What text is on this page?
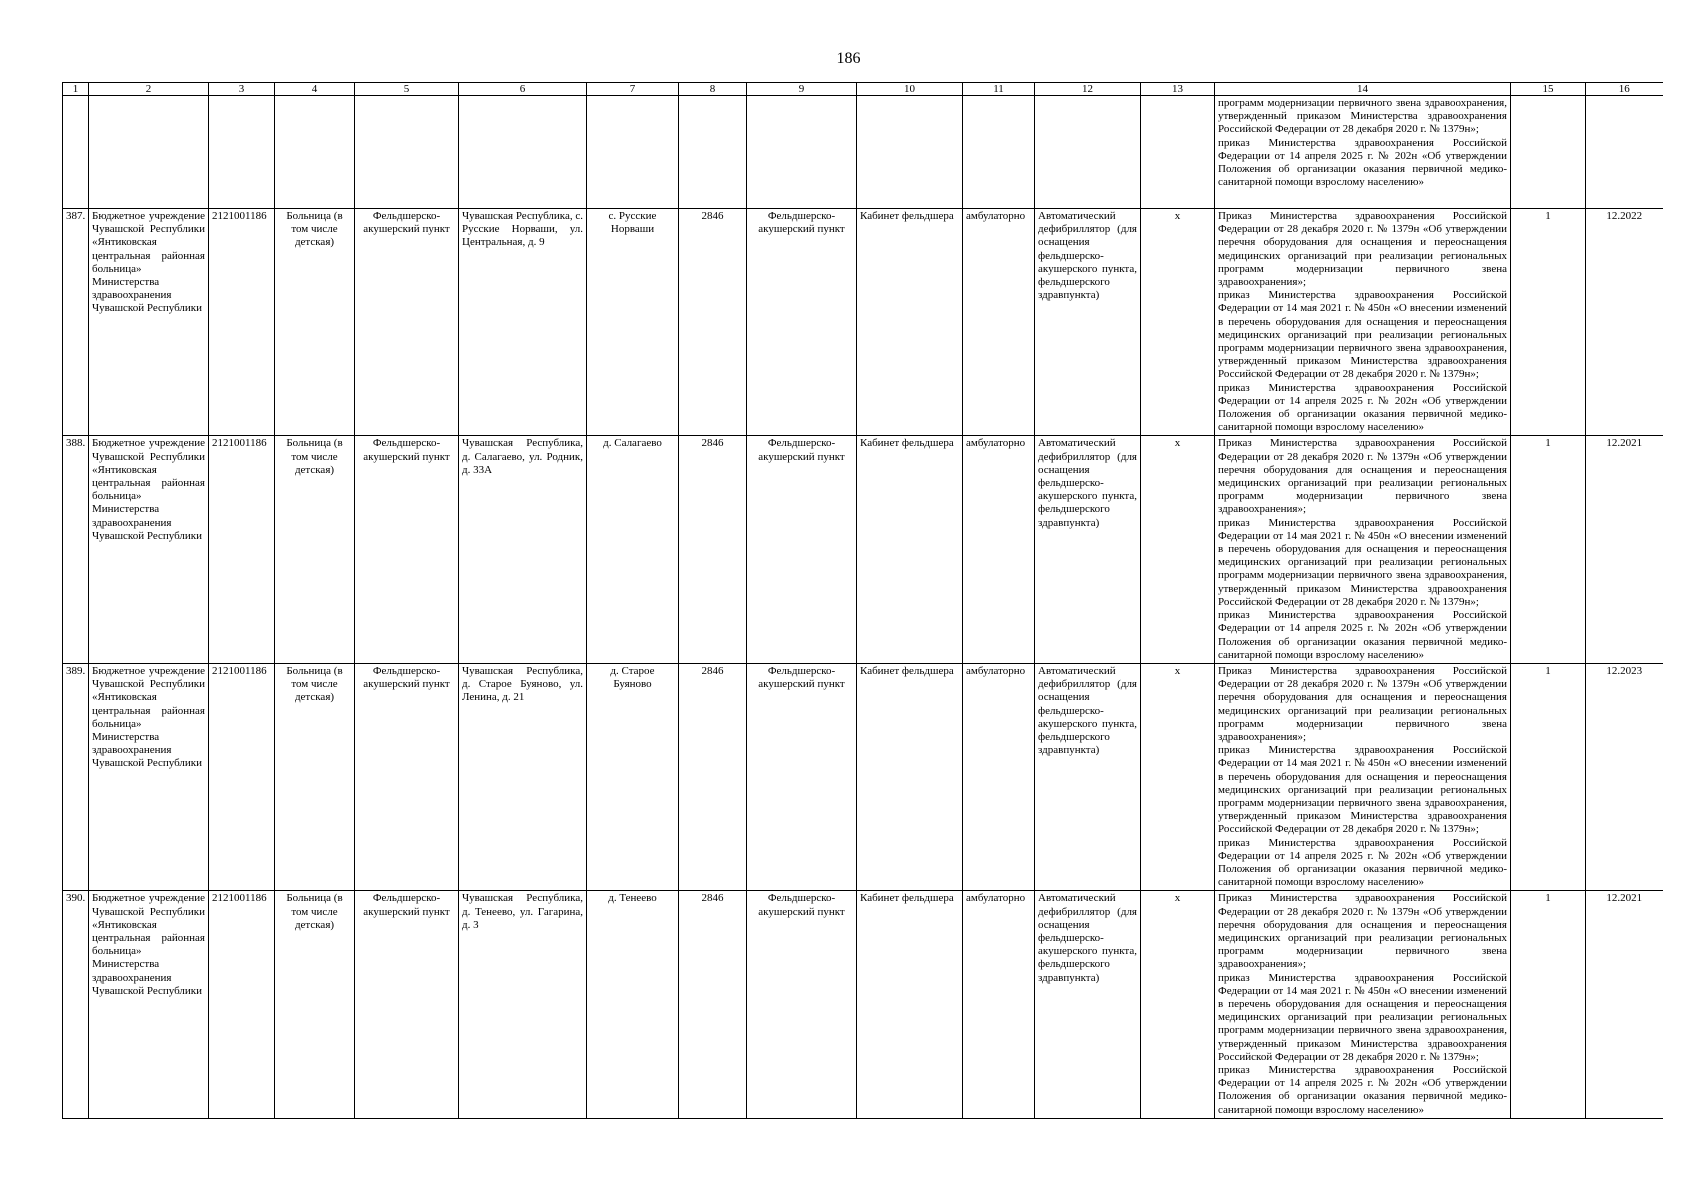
186
1	2	3	4	5	6	7	8	9	10	11	12	13	14	15	16

													программ модернизации первичного звена здравоохранения, утвержденный приказом Министерства здравоохранения Российской Федерации от 28 декабря 2020 г. № 1379н»;
приказ Министерства здравоохранения Российской Федерации от 14 апреля 2025 г. № 202н «Об утверждении Положения об организации оказания первичной медико-санитарной помощи взрослому населению»		

387.	Бюджетное учреждение Чувашской Республики «Янтиковская центральная районная больница» Министерства здравоохранения Чувашской Республики	2121001186	Больница (в том числе детская)	Фельдшерско-акушерский пункт	Чувашская Республика, с. Русские Норваши, ул. Центральная, д. 9	с. Русские Норваши	2846	Фельдшерско-акушерский пункт	Кабинет фельдшера	амбулаторно	Автоматический дефибриллятор (для оснащения фельдшерско-акушерского пункта, фельдшерского здравпункта)	х	Приказ Министерства здравоохранения Российской Федерации от 28 декабря 2020 г. № 1379н «Об утверждении перечня оборудования для оснащения и переоснащения медицинских организаций при реализации региональных программ модернизации первичного звена здравоохранения»;
приказ Министерства здравоохранения Российской Федерации от 14 мая 2021 г. № 450н «О внесении изменений в перечень оборудования для оснащения и переоснащения медицинских организаций при реализации региональных программ модернизации первичного звена здравоохранения, утвержденный приказом Министерства здравоохранения Российской Федерации от 28 декабря 2020 г. № 1379н»;
приказ Министерства здравоохранения Российской Федерации от 14 апреля 2025 г. № 202н «Об утверждении Положения об организации оказания первичной медико-санитарной помощи взрослому населению»	1	12.2022
388.	Бюджетное учреждение Чувашской Республики «Янтиковская центральная районная больница» Министерства здравоохранения Чувашской Республики	2121001186	Больница (в том числе детская)	Фельдшерско-акушерский пункт	Чувашская Республика, д. Салагаево, ул. Родник, д. 33А	д. Салагаево	2846	Фельдшерско-акушерский пункт	Кабинет фельдшера	амбулаторно	Автоматический дефибриллятор (для оснащения фельдшерско-акушерского пункта, фельдшерского здравпункта)	х	Приказ Министерства здравоохранения Российской Федерации от 28 декабря 2020 г. № 1379н «Об утверждении перечня оборудования для оснащения и переоснащения медицинских организаций при реализации региональных программ модернизации первичного звена здравоохранения»;
приказ Министерства здравоохранения Российской Федерации от 14 мая 2021 г. № 450н «О внесении изменений в перечень оборудования для оснащения и переоснащения медицинских организаций при реализации региональных программ модернизации первичного звена здравоохранения, утвержденный приказом Министерства здравоохранения Российской Федерации от 28 декабря 2020 г. № 1379н»;
приказ Министерства здравоохранения Российской Федерации от 14 апреля 2025 г. № 202н «Об утверждении Положения об организации оказания первичной медико-санитарной помощи взрослому населению»	1	12.2021
389.	Бюджетное учреждение Чувашской Республики «Янтиковская центральная районная больница» Министерства здравоохранения Чувашской Республики	2121001186	Больница (в том числе детская)	Фельдшерско-акушерский пункт	Чувашская Республика, д. Старое Буяново, ул. Ленина, д. 21	д. Старое Буяново	2846	Фельдшерско-акушерский пункт	Кабинет фельдшера	амбулаторно	Автоматический дефибриллятор (для оснащения фельдшерско-акушерского пункта, фельдшерского здравпункта)	х	Приказ Министерства здравоохранения Российской Федерации от 28 декабря 2020 г. № 1379н «Об утверждении перечня оборудования для оснащения и переоснащения медицинских организаций при реализации региональных программ модернизации первичного звена здравоохранения»;
приказ Министерства здравоохранения Российской Федерации от 14 мая 2021 г. № 450н «О внесении изменений в перечень оборудования для оснащения и переоснащения медицинских организаций при реализации региональных программ модернизации первичного звена здравоохранения, утвержденный приказом Министерства здравоохранения Российской Федерации от 28 декабря 2020 г. № 1379н»;
приказ Министерства здравоохранения Российской Федерации от 14 апреля 2025 г. № 202н «Об утверждении Положения об организации оказания первичной медико-санитарной помощи взрослому населению»	1	12.2023
390.	Бюджетное учреждение Чувашской Республики «Янтиковская центральная районная больница» Министерства здравоохранения Чувашской Республики	2121001186	Больница (в том числе детская)	Фельдшерско-акушерский пункт	Чувашская Республика, д. Тенеево, ул. Гагарина, д. 3	д. Тенеево	2846	Фельдшерско-акушерский пункт	Кабинет фельдшера	амбулаторно	Автоматический дефибриллятор (для оснащения фельдшерско-акушерского пункта, фельдшерского здравпункта)	х	Приказ Министерства здравоохранения Российской Федерации от 28 декабря 2020 г. № 1379н «Об утверждении перечня оборудования для оснащения и переоснащения медицинских организаций при реализации региональных программ модернизации первичного звена здравоохранения»;
приказ Министерства здравоохранения Российской Федерации от 14 мая 2021 г. № 450н «О внесении изменений в перечень оборудования для оснащения и переоснащения медицинских организаций при реализации региональных программ модернизации первичного звена здравоохранения, утвержденный приказом Министерства здравоохранения Российской Федерации от 28 декабря 2020 г. № 1379н»;
приказ Министерства здравоохранения Российской Федерации от 14 апреля 2025 г. № 202н «Об утверждении Положения об организации оказания первичной медико-санитарной помощи взрослому населению»	1	12.2021
